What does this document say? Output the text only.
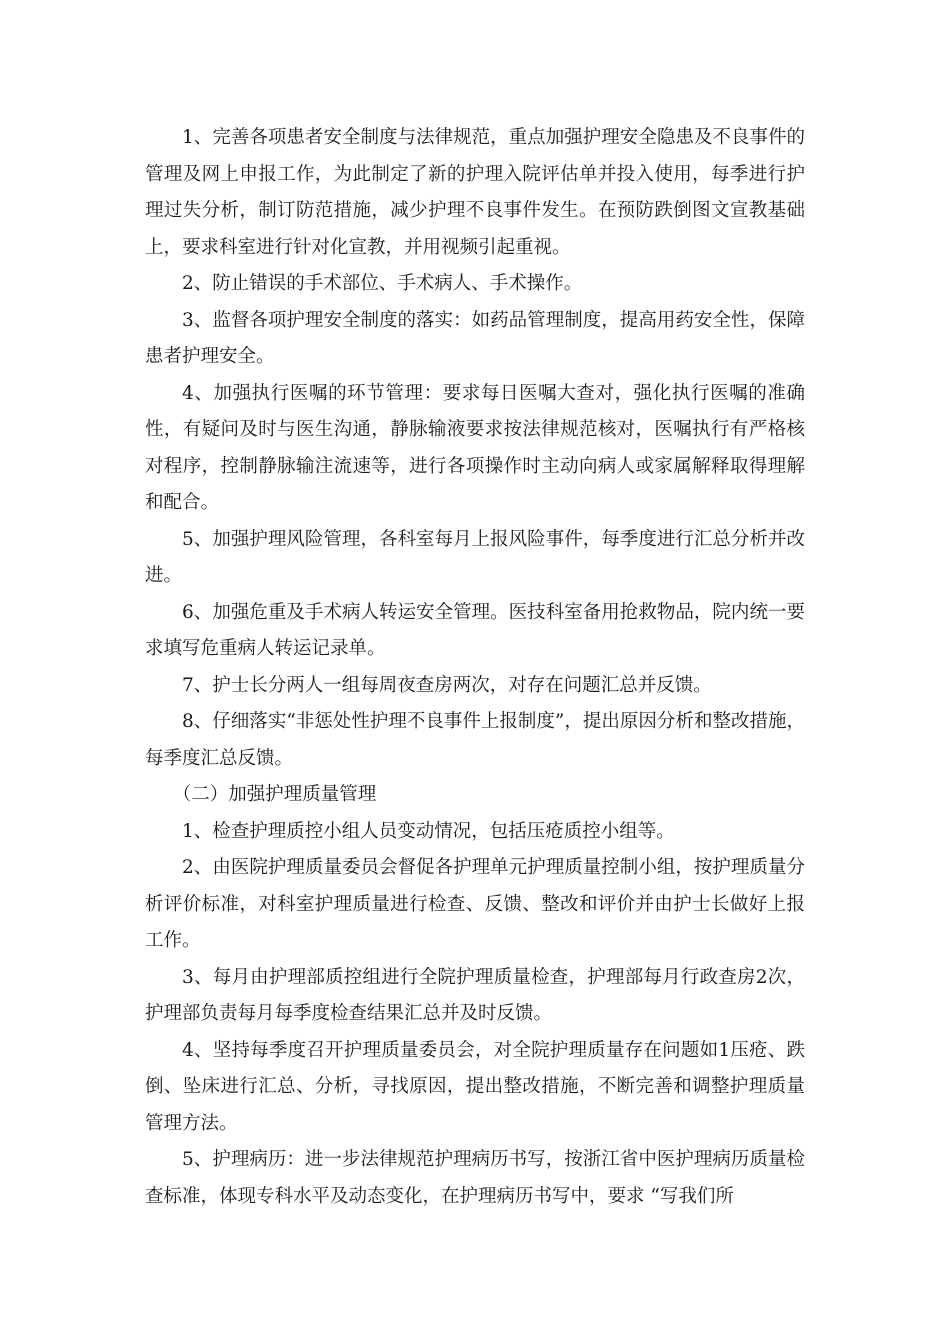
1、完善各项患者安全制度与法律规范，重点加强护理安全隐患及不良事件的管理及网上申报工作，为此制定了新的护理入院评估单并投入使用，每季进行护理过失分析，制订防范措施，减少护理不良事件发生。在预防跌倒图文宣教基础上，要求科室进行针对化宣教，并用视频引起重视。

2、防止错误的手术部位、手术病人、手术操作。

3、监督各项护理安全制度的落实：如药品管理制度，提高用药安全性，保障患者护理安全。

4、加强执行医嘱的环节管理：要求每日医嘱大查对，强化执行医嘱的准确性，有疑问及时与医生沟通，静脉输液要求按法律规范核对，医嘱执行有严格核对程序，控制静脉输注流速等，进行各项操作时主动向病人或家属解释取得理解和配合。

5、加强护理风险管理，各科室每月上报风险事件，每季度进行汇总分析并改进。

6、加强危重及手术病人转运安全管理。医技科室备用抢救物品，院内统一要求填写危重病人转运记录单。

7、护士长分两人一组每周夜查房两次，对存在问题汇总并反馈。

8、仔细落实“非惩处性护理不良事件上报制度”，提出原因分析和整改措施，每季度汇总反馈。

（二）加强护理质量管理

1、检查护理质控小组人员变动情况，包括压疮质控小组等。

2、由医院护理质量委员会督促各护理单元护理质量控制小组，按护理质量分析评价标准，对科室护理质量进行检查、反馈、整改和评价并由护士长做好上报工作。

3、每月由护理部质控组进行全院护理质量检查，护理部每月行政查房2次，护理部负责每月每季度检查结果汇总并及时反馈。

4、坚持每季度召开护理质量委员会，对全院护理质量存在问题如1压疮、跌倒、坠床进行汇总、分析，寻找原因，提出整改措施，不断完善和调整护理质量管理方法。

5、护理病历：进一步法律规范护理病历书写，按浙江省中医护理病历质量检查标准，体现专科水平及动态变化，在护理病历书写中，要求 “写我们所
